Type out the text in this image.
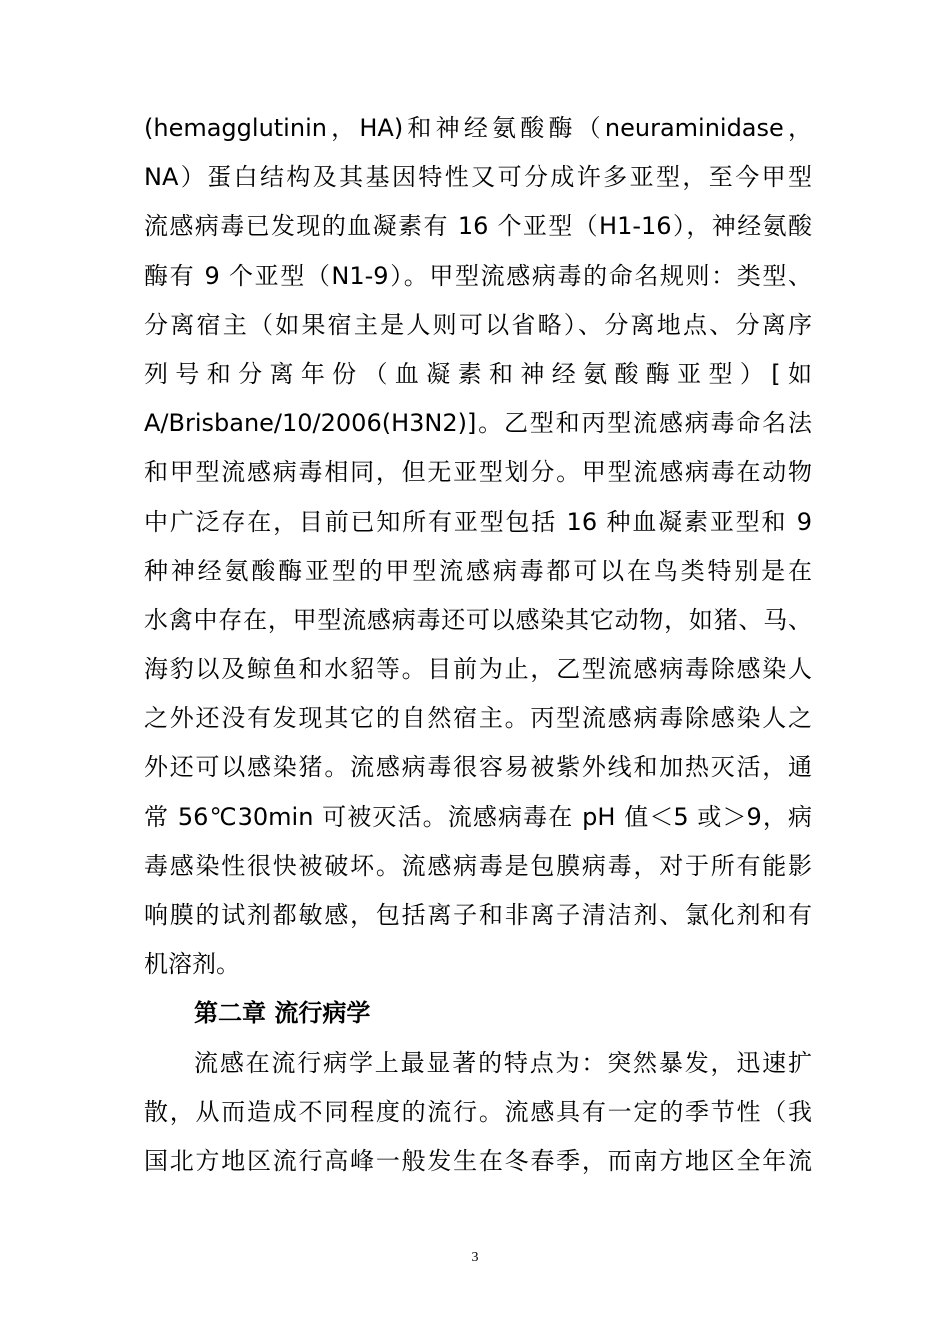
(hemagglutinin，HA)和神经氨酸酶（neuraminidase，
NA）蛋白结构及其基因特性又可分成许多亚型，至今甲型
流感病毒已发现的血凝素有 16 个亚型（H1-16），神经氨酸
酶有 9 个亚型（N1-9）。甲型流感病毒的命名规则：类型、
分离宿主（如果宿主是人则可以省略）、分离地点、分离序
列号和分离年份（血凝素和神经氨酸酶亚型）[如
A/Brisbane/10/2006(H3N2)]。乙型和丙型流感病毒命名法
和甲型流感病毒相同，但无亚型划分。甲型流感病毒在动物
中广泛存在，目前已知所有亚型包括 16 种血凝素亚型和 9
种神经氨酸酶亚型的甲型流感病毒都可以在鸟类特别是在
水禽中存在，甲型流感病毒还可以感染其它动物，如猪、马、
海豹以及鲸鱼和水貂等。目前为止，乙型流感病毒除感染人
之外还没有发现其它的自然宿主。丙型流感病毒除感染人之
外还可以感染猪。流感病毒很容易被紫外线和加热灭活，通
常 56℃30min 可被灭活。流感病毒在 pH 值＜5 或＞9，病
毒感染性很快被破坏。流感病毒是包膜病毒，对于所有能影
响膜的试剂都敏感，包括离子和非离子清洁剂、氯化剂和有
机溶剂。
第二章 流行病学
流感在流行病学上最显著的特点为：突然暴发，迅速扩
散，从而造成不同程度的流行。流感具有一定的季节性（我
国北方地区流行高峰一般发生在冬春季，而南方地区全年流
3
